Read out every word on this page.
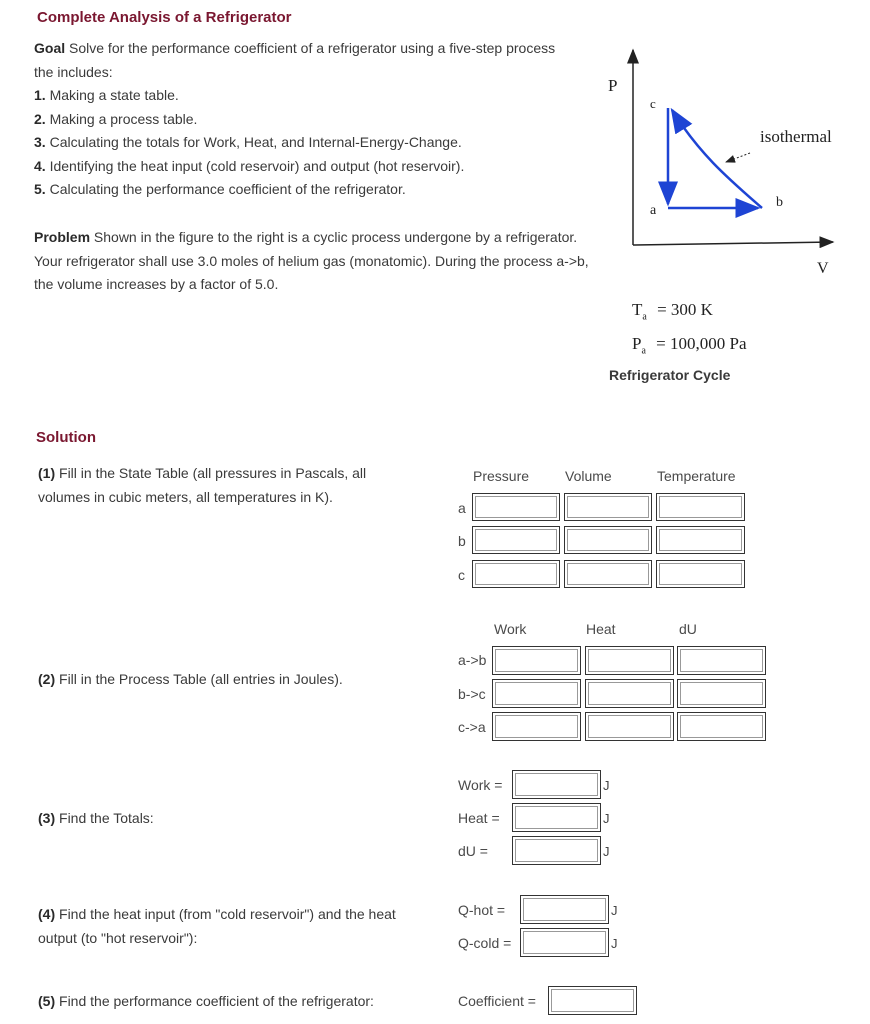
Complete Analysis of a Refrigerator
Goal Solve for the performance coefficient of a refrigerator using a five-step process the includes:
1. Making a state table.
2. Making a process table.
3. Calculating the totals for Work, Heat, and Internal-Energy-Change.
4. Identifying the heat input (cold reservoir) and output (hot reservoir).
5. Calculating the performance coefficient of the refrigerator.
Problem Shown in the figure to the right is a cyclic process undergone by a refrigerator. Your refrigerator shall use 3.0 moles of helium gas (monatomic). During the process a->b, the volume increases by a factor of 5.0.
P
V
c
a
b
isothermal
$T_a = 300$ K
$P_a = 100,000$ Pa
Refrigerator Cycle
Solution
(1) Fill in the State Table (all pressures in Pascals, all volumes in cubic meters, all temperatures in K).
Pressure	Volume	Temperature
a
b
c
(2) Fill in the Process Table (all entries in Joules).
Work	Heat	dU
a->b
b->c
c->a
(3) Find the Totals:
Work =	J
Heat =	J
dU =	J
(4) Find the heat input (from "cold reservoir") and the heat output (to "hot reservoir"):
Q-hot =	J
Q-cold =	J
(5) Find the performance coefficient of the refrigerator:	Coefficient =
